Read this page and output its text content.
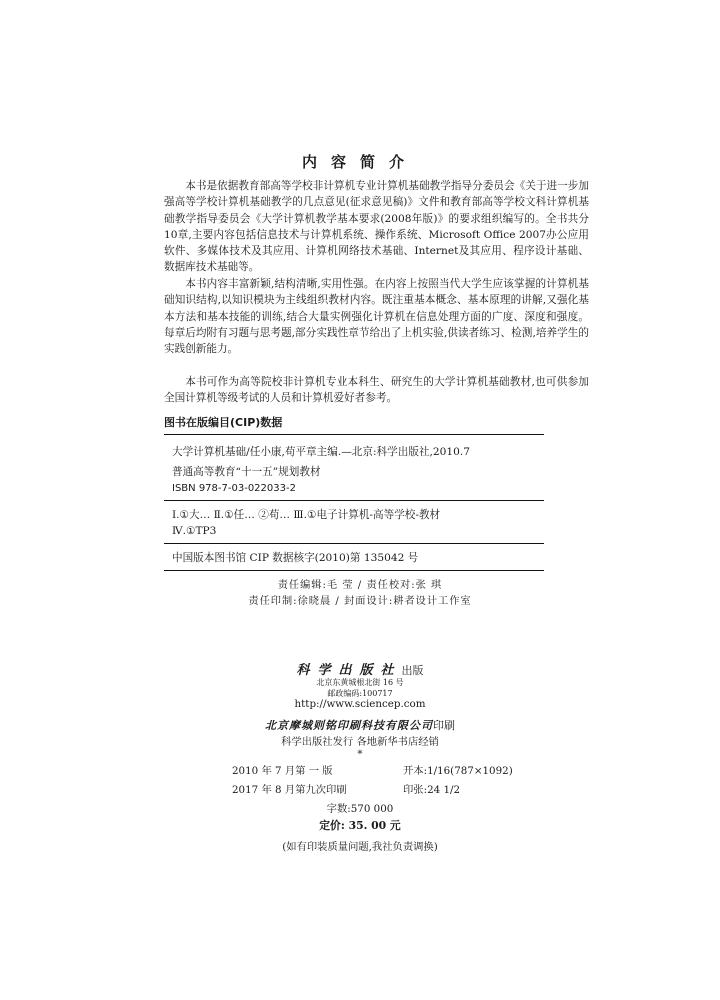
内容简介

本书是依据教育部高等学校非计算机专业计算机基础教学指导分委员会《关于进一步加强高等学校计算机基础教学的几点意见(征求意见稿)》文件和教育部高等学校文科计算机基础教学指导委员会《大学计算机教学基本要求(2008年版)》的要求组织编写的。全书共分10章,主要内容包括信息技术与计算机系统、操作系统、Microsoft Office 2007办公应用软件、多媒体技术及其应用、计算机网络技术基础、Internet及其应用、程序设计基础、数据库技术基础等。

本书内容丰富新颖,结构清晰,实用性强。在内容上按照当代大学生应该掌握的计算机基础知识结构,以知识模块为主线组织教材内容。既注重基本概念、基本原理的讲解,又强化基本方法和基本技能的训练,结合大量实例强化计算机在信息处理方面的广度、深度和强度。每章后均附有习题与思考题,部分实践性章节给出了上机实验,供读者练习、检测,培养学生的实践创新能力。

本书可作为高等院校非计算机专业本科生、研究生的大学计算机基础教材,也可供参加全国计算机等级考试的人员和计算机爱好者参考。

图书在版编目(CIP)数据
大学计算机基础/任小康,苟平章主编.—北京:科学出版社,2010.7
普通高等教育“十一五”规划教材
ISBN 978-7-03-022033-2
Ⅰ.①大… Ⅱ.①任… ②苟… Ⅲ.①电子计算机-高等学校-教材
Ⅳ.①TP3
中国版本图书馆 CIP 数据核字(2010)第 135042 号
责任编辑:毛 莹 / 责任校对:张 琪
责任印制:徐晓晨 / 封面设计:耕者设计工作室
科学出版社出版
北京东黄城根北街 16 号
邮政编码:100717
http://www.sciencep.com
北京摩城则铭印刷科技有限公司印刷
科学出版社发行 各地新华书店经销
*
2010 年 7 月第 一 版	开本:1/16(787×1092)
2017 年 8 月第九次印刷	印张:24 1/2
字数:570 000
定价: 35. 00 元
(如有印装质量问题,我社负责调换)
